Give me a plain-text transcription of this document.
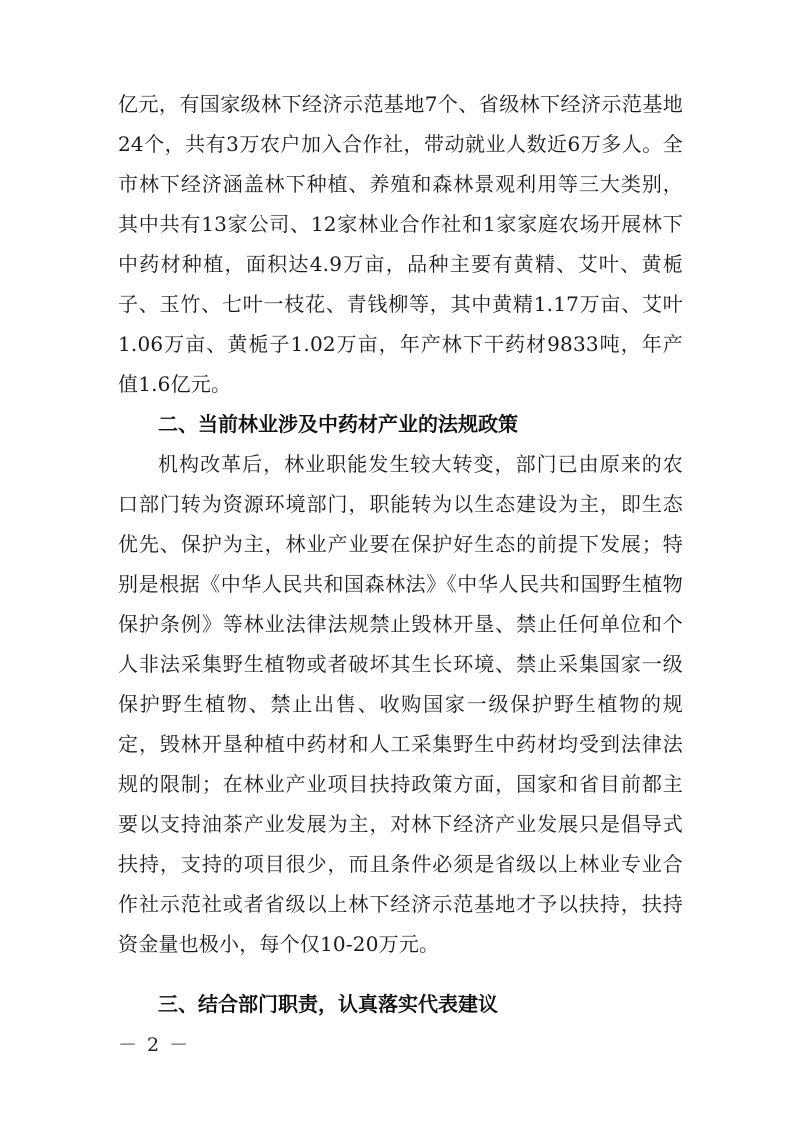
亿元，有国家级林下经济示范基地7个、省级林下经济示范基地24个，共有3万农户加入合作社，带动就业人数近6万多人。全市林下经济涵盖林下种植、养殖和森林景观利用等三大类别，其中共有13家公司、12家林业合作社和1家家庭农场开展林下中药材种植，面积达4.9万亩，品种主要有黄精、艾叶、黄栀子、玉竹、七叶一枝花、青钱柳等，其中黄精1.17万亩、艾叶1.06万亩、黄栀子1.02万亩，年产林下干药材9833吨，年产值1.6亿元。

二、当前林业涉及中药材产业的法规政策

机构改革后，林业职能发生较大转变，部门已由原来的农口部门转为资源环境部门，职能转为以生态建设为主，即生态优先、保护为主，林业产业要在保护好生态的前提下发展；特别是根据《中华人民共和国森林法》《中华人民共和国野生植物保护条例》等林业法律法规禁止毁林开垦、禁止任何单位和个人非法采集野生植物或者破坏其生长环境、禁止采集国家一级保护野生植物、禁止出售、收购国家一级保护野生植物的规定，毁林开垦种植中药材和人工采集野生中药材均受到法律法规的限制；在林业产业项目扶持政策方面，国家和省目前都主要以支持油茶产业发展为主，对林下经济产业发展只是倡导式扶持，支持的项目很少，而且条件必须是省级以上林业专业合作社示范社或者省级以上林下经济示范基地才予以扶持，扶持资金量也极小，每个仅10-20万元。

三、结合部门职责，认真落实代表建议

－ 2 －
